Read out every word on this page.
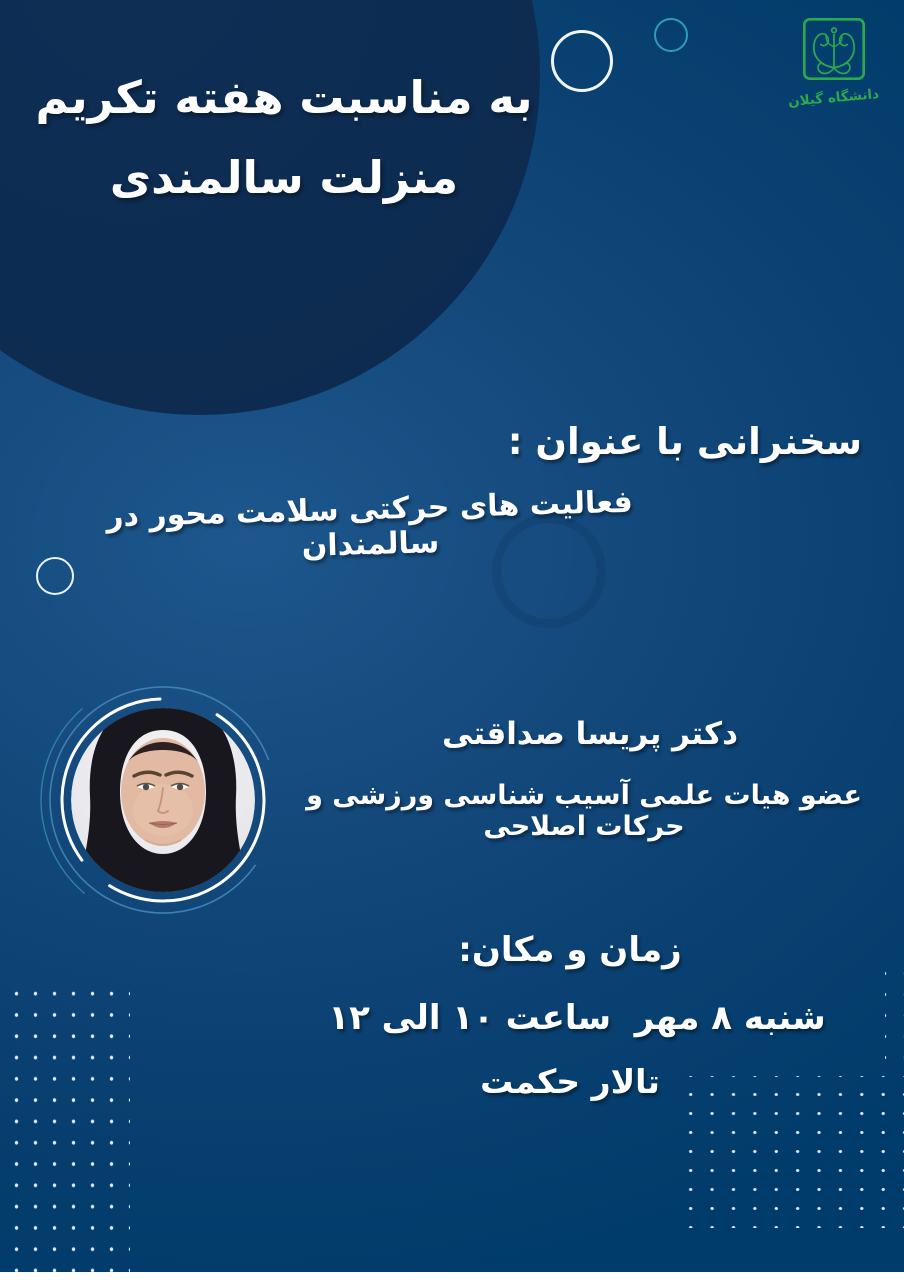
به مناسبت هفته تکریم
منزلت سالمندی

دانشگاه گیلان
سخنرانی با عنوان :
فعالیت های حرکتی سلامت محور در سالمندان
دکتر پریسا صداقتی
عضو هیات علمی آسیب شناسی ورزشی و حرکات اصلاحی
زمان و مکان:
شنبه ۸ مهر  ساعت ۱۰ الی ۱۲
تالار حکمت
